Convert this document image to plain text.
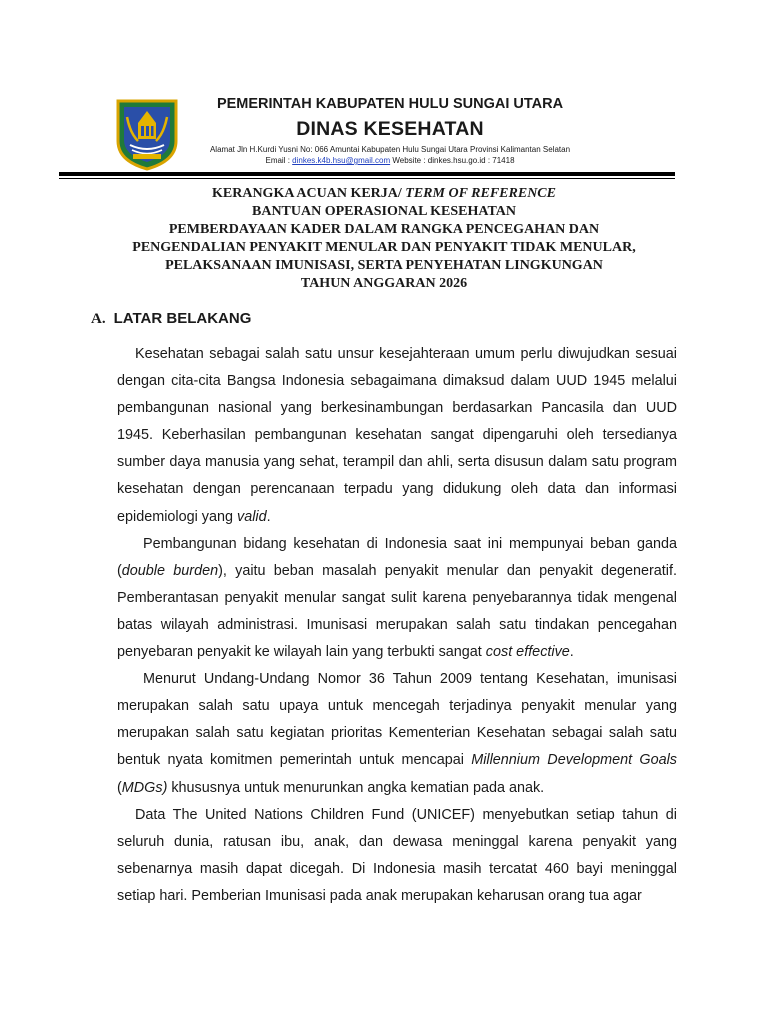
PEMERINTAH KABUPATEN HULU SUNGAI UTARA
DINAS KESEHATAN
Alamat Jln H.Kurdi Yusni No: 066 Amuntai Kabupaten Hulu Sungai Utara Provinsi Kalimantan Selatan
Email : dinkes.k4b.hsu@gmail.com Website : dinkes.hsu.go.id : 71418
KERANGKA ACUAN KERJA/ TERM OF REFERENCE
BANTUAN OPERASIONAL KESEHATAN
PEMBERDAYAAN KADER DALAM RANGKA PENCEGAHAN DAN
PENGENDALIAN PENYAKIT MENULAR DAN PENYAKIT TIDAK MENULAR,
PELAKSANAAN IMUNISASI, SERTA PENYEHATAN LINGKUNGAN
TAHUN ANGGARAN 2026
A. LATAR BELAKANG

Kesehatan sebagai salah satu unsur kesejahteraan umum perlu diwujudkan sesuai dengan cita-cita Bangsa Indonesia sebagaimana dimaksud dalam UUD 1945 melalui pembangunan nasional yang berkesinambungan berdasarkan Pancasila dan UUD 1945. Keberhasilan pembangunan kesehatan sangat dipengaruhi oleh tersedianya sumber daya manusia yang sehat, terampil dan ahli, serta disusun dalam satu program kesehatan dengan perencanaan terpadu yang didukung oleh data dan informasi epidemiologi yang valid.

Pembangunan bidang kesehatan di Indonesia saat ini mempunyai beban ganda (double burden), yaitu beban masalah penyakit menular dan penyakit degeneratif. Pemberantasan penyakit menular sangat sulit karena penyebarannya tidak mengenal batas wilayah administrasi. Imunisasi merupakan salah satu tindakan pencegahan penyebaran penyakit ke wilayah lain yang terbukti sangat cost effective.

Menurut Undang-Undang Nomor 36 Tahun 2009 tentang Kesehatan, imunisasi merupakan salah satu upaya untuk mencegah terjadinya penyakit menular yang merupakan salah satu kegiatan prioritas Kementerian Kesehatan sebagai salah satu bentuk nyata komitmen pemerintah untuk mencapai Millennium Development Goals (MDGs) khususnya untuk menurunkan angka kematian pada anak.

Data The United Nations Children Fund (UNICEF) menyebutkan setiap tahun di seluruh dunia, ratusan ibu, anak, dan dewasa meninggal karena penyakit yang sebenarnya masih dapat dicegah. Di Indonesia masih tercatat 460 bayi meninggal setiap hari. Pemberian Imunisasi pada anak merupakan keharusan orang tua agar
